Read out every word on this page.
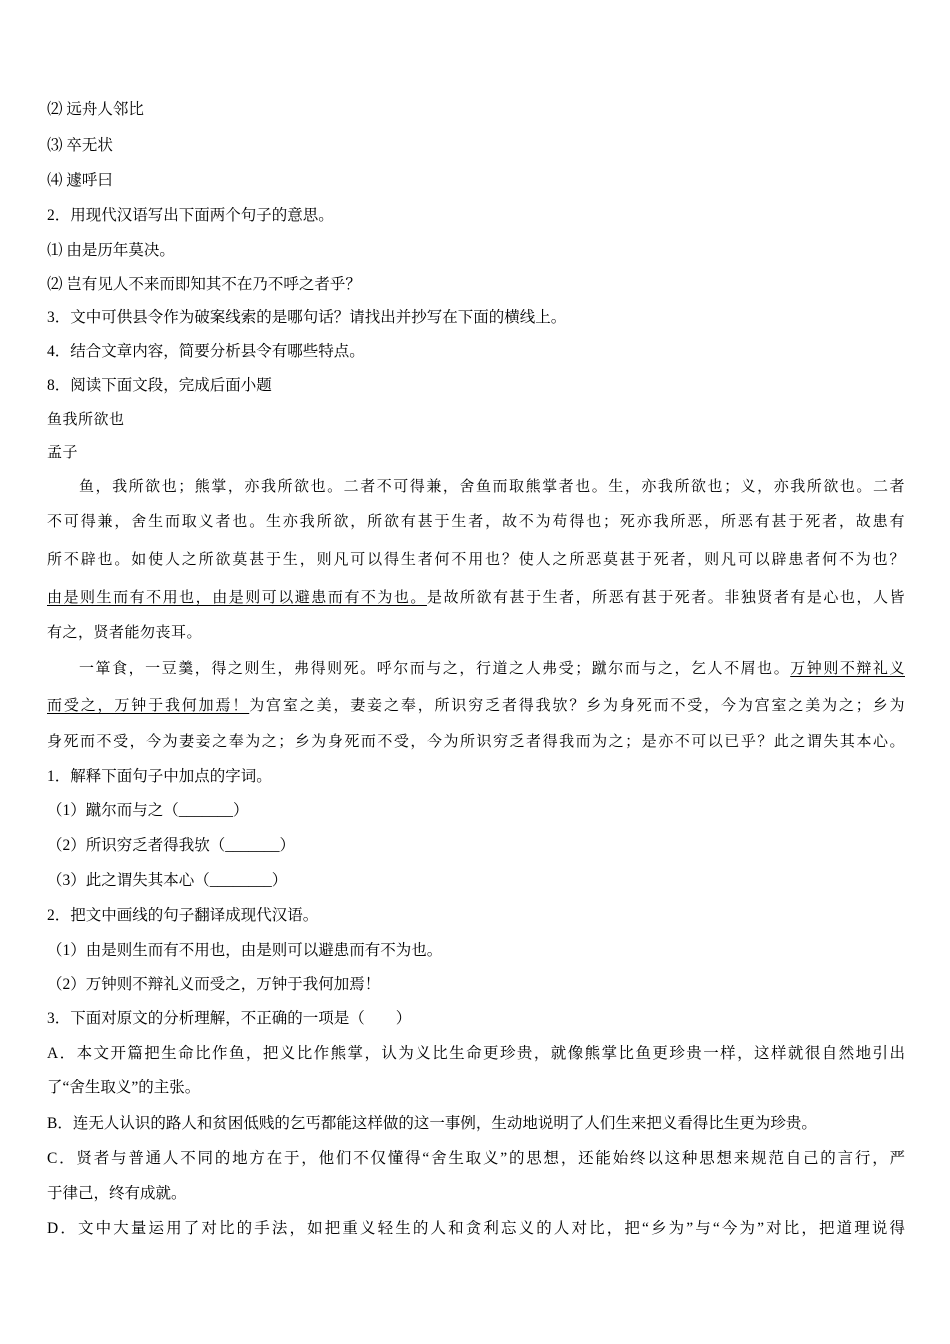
⑵ 远舟人邻比
⑶ 卒无状
⑷ 遽呼曰
2．用现代汉语写出下面两个句子的意思。
⑴ 由是历年莫决。
⑵ 岂有见人不来而即知其不在乃不呼之者乎？
3．文中可供县令作为破案线索的是哪句话？请找出并抄写在下面的横线上。
4．结合文章内容，简要分析县令有哪些特点。
8．阅读下面文段，完成后面小题
鱼我所欲也
孟子
鱼，我所欲也；熊掌，亦我所欲也。二者不可得兼，舍鱼而取熊掌者也。生，亦我所欲也；义，亦我所欲也。二者
不可得兼，舍生而取义者也。生亦我所欲，所欲有甚于生者，故不为苟得也；死亦我所恶，所恶有甚于死者，故患有
所不辟也。如使人之所欲莫甚于生，则凡可以得生者何不用也？使人之所恶莫甚于死者，则凡可以辟患者何不为也？
由是则生而有不用也，由是则可以避患而有不为也。是故所欲有甚于生者，所恶有甚于死者。非独贤者有是心也，人皆
有之，贤者能勿丧耳。
一箪食，一豆羹，得之则生，弗得则死。呼尔而与之，行道之人弗受；蹴尔而与之，乞人不屑也。万钟则不辩礼义
而受之，万钟于我何加焉！为宫室之美，妻妾之奉，所识穷乏者得我欤？乡为身死而不受，今为宫室之美为之；乡为
身死而不受，今为妻妾之奉为之；乡为身死而不受，今为所识穷乏者得我而为之；是亦不可以已乎？此之谓失其本心。
1．解释下面句子中加点的字词。
（1）蹴尔而与之（_______）
（2）所识穷乏者得我欤（_______）
（3）此之谓失其本心（________）
2．把文中画线的句子翻译成现代汉语。
（1）由是则生而有不用也，由是则可以避患而有不为也。
（2）万钟则不辩礼义而受之，万钟于我何加焉！
3．下面对原文的分析理解，不正确的一项是（　　）
A．本文开篇把生命比作鱼，把义比作熊掌，认为义比生命更珍贵，就像熊掌比鱼更珍贵一样，这样就很自然地引出
了“舍生取义”的主张。
B．连无人认识的路人和贫困低贱的乞丐都能这样做的这一事例，生动地说明了人们生来把义看得比生更为珍贵。
C．贤者与普通人不同的地方在于，他们不仅懂得“舍生取义”的思想，还能始终以这种思想来规范自己的言行，严
于律己，终有成就。
D．文中大量运用了对比的手法，如把重义轻生的人和贪利忘义的人对比，把“乡为”与“今为”对比，把道理说得
